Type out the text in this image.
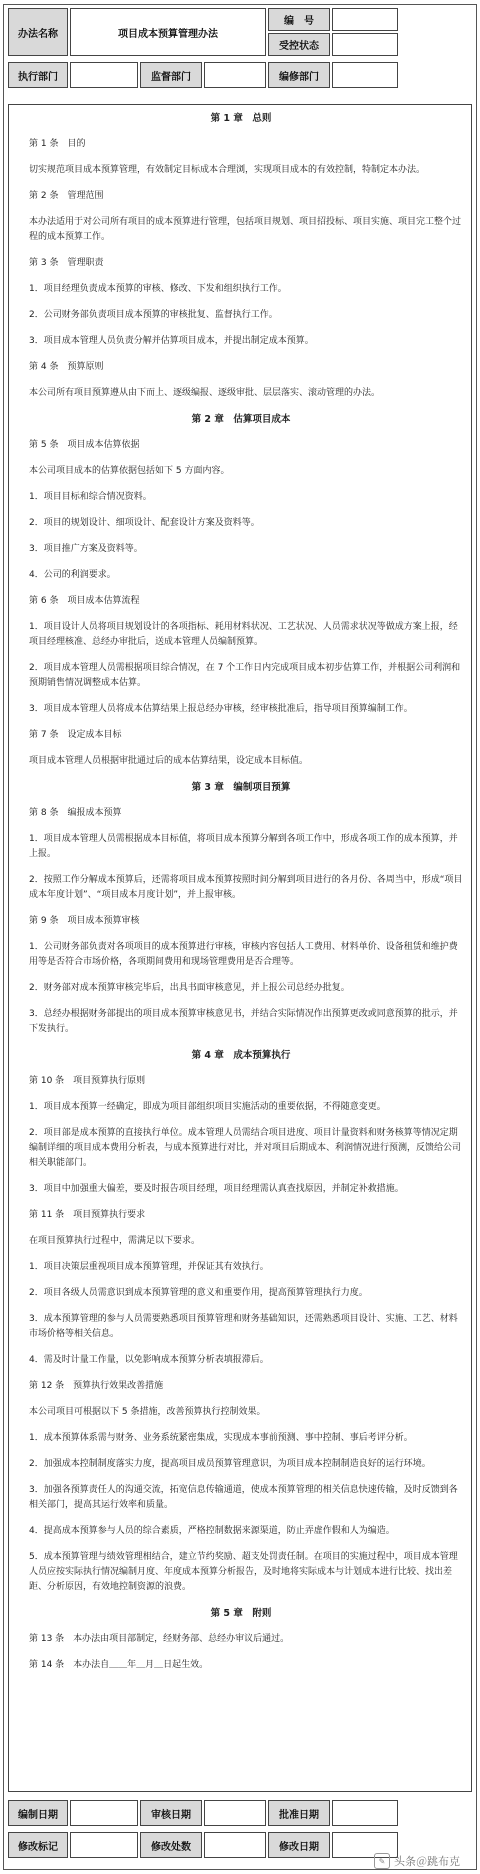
办法名称	项目成本预算管理办法
编　号
受控状态
执行部门	监督部门	编修部门
第 1 章　总则
第 1 条　目的
切实规范项目成本预算管理，有效制定目标成本合理浏，实现项目成本的有效控制，特制定本办法。
第 2 条　管理范围
本办法适用于对公司所有项目的成本预算进行管理，包括项目规划、项目招投标、项目实施、项目完工整个过程的成本预算工作。
第 3 条　管理职责
1．项目经理负责成本预算的审核、修改、下发和组织执行工作。
2．公司财务部负责项目成本预算的审核批复、监督执行工作。
3．项目成本管理人员负责分解并估算项目成本，并提出制定成本预算。
第 4 条　预算原则
本公司所有项目预算遵从由下而上、逐级编报、逐级审批、层层落实、滚动管理的办法。
第 2 章　估算项目成本
第 5 条　项目成本估算依据
本公司项目成本的估算依据包括如下 5 方面内容。
1．项目目标和综合情况资料。
2．项目的规划设计、细项设计、配套设计方案及资料等。
3．项目推广方案及资料等。
4．公司的利润要求。
第 6 条　项目成本估算流程
1．项目设计人员将项目规划设计的各项指标、耗用材料状况、工艺状况、人员需求状况等做成方案上报，经项目经理核准、总经办审批后，送成本管理人员编制预算。
2．项目成本管理人员需根据项目综合情况，在 7 个工作日内完成项目成本初步估算工作，并根据公司利润和预期销售情况调整成本估算。
3．项目成本管理人员将成本估算结果上报总经办审核，经审核批准后，指导项目预算编制工作。
第 7 条　设定成本目标
项目成本管理人员根据审批通过后的成本估算结果，设定成本目标值。
第 3 章　编制项目预算
第 8 条　编报成本预算
1．项目成本管理人员需根据成本目标值，将项目成本预算分解到各项工作中，形成各项工作的成本预算，并上报。
2．按照工作分解成本预算后，还需将项目成本预算按照时间分解到项目进行的各月份、各周当中，形成“项目成本年度计划”、“项目成本月度计划”，并上报审核。
第 9 条　项目成本预算审核
1．公司财务部负责对各项项目的成本预算进行审核，审核内容包括人工费用、材料单价、设备租赁和维护费用等是否符合市场价格，各项期间费用和现场管理费用是否合理等。
2．财务部对成本预算审核完毕后，出具书面审核意见，并上报公司总经办批复。
3．总经办根据财务部提出的项目成本预算审核意见书，并结合实际情况作出预算更改或同意预算的批示，并下发执行。
第 4 章　成本预算执行
第 10 条　项目预算执行原则
1．项目成本预算一经确定，即成为项目部组织项目实施活动的重要依据，不得随意变更。
2．项目部是成本预算的直接执行单位。成本管理人员需结合项目进度、项目计量资料和财务核算等情况定期编制详细的项目成本费用分析表，与成本预算进行对比，并对项目后期成本、利润情况进行预测，反馈给公司相关职能部门。
3．项目中加强重大偏差，要及时报告项目经理，项目经理需认真查找原因，并制定补救措施。
第 11 条　项目预算执行要求
在项目预算执行过程中，需满足以下要求。
1．项目决策层重视项目成本预算管理，并保证其有效执行。
2．项目各级人员需意识到成本预算管理的意义和重要作用，提高预算管理执行力度。
3．成本预算管理的参与人员需要熟悉项目预算管理和财务基础知识，还需熟悉项目设计、实施、工艺、材料市场价格等相关信息。
4．需及时计量工作量，以免影响成本预算分析表填报滞后。
第 12 条　预算执行效果改善措施
本公司项目可根据以下 5 条措施，改善预算执行控制效果。
1．成本预算体系需与财务、业务系统紧密集成，实现成本事前预测、事中控制、事后考评分析。
2．加强成本控制制度落实力度，提高项目成员预算管理意识，为项目成本控制制造良好的运行环境。
3．加强各预算责任人的沟通交流，拓宽信息传输通道，使成本预算管理的相关信息快速传输，及时反馈到各相关部门，提高其运行效率和质量。
4．提高成本预算参与人员的综合素质，严格控制数据来源渠道，防止弄虚作假和人为编造。
5．成本预算管理与绩效管理相结合，建立节约奖励、超支处罚责任制。在项目的实施过程中，项目成本管理人员应按实际执行情况编制月度、年度成本预算分析报告，及时地将实际成本与计划成本进行比较、找出差距、分析原因，有效地控制资源的浪费。
第 5 章　附则
第 13 条　本办法由项目部制定，经财务部、总经办审议后通过。
第 14 条　本办法自＿＿年＿月＿日起生效。
编制日期	审核日期	批准日期
修改标记	修改处数	修改日期
✎ 头条＠跳布克
